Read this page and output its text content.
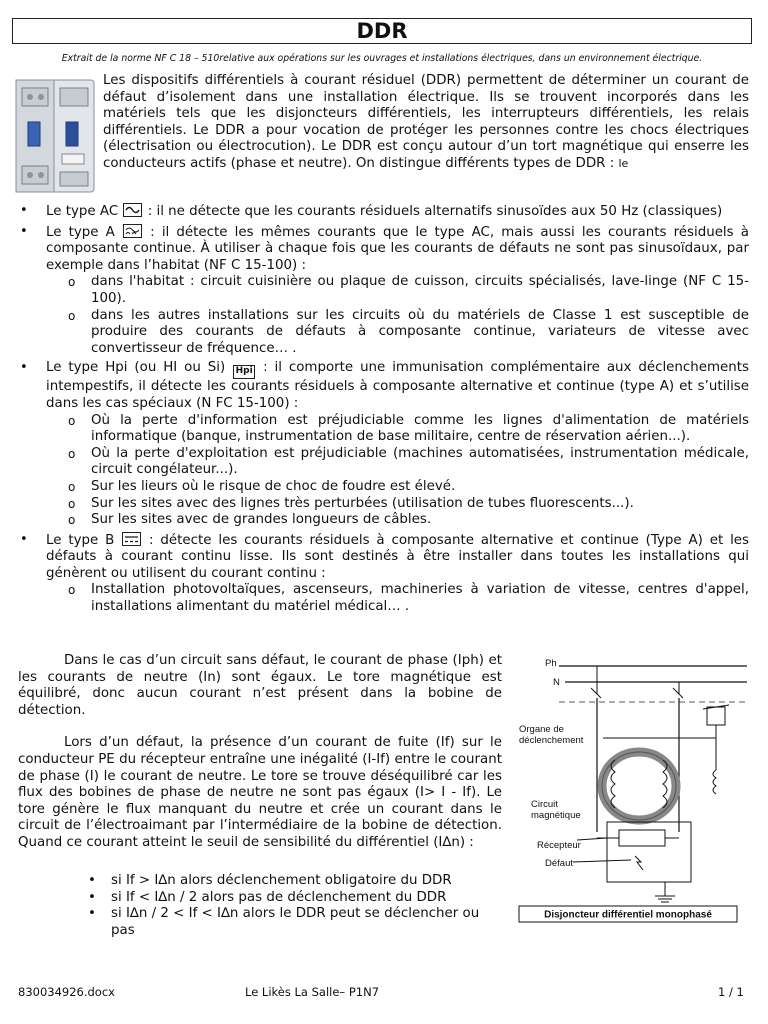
DDR
Extrait de la norme NF C 18 – 510relative aux opérations sur les ouvrages et installations électriques, dans un environnement électrique.

Les dispositifs différentiels à courant résiduel (DDR) permettent de déterminer un courant de défaut d’isolement dans une installation électrique. Ils se trouvent incorporés dans les matériels tels que les disjoncteurs différentiels, les interrupteurs différentiels, les relais différentiels. Le DDR a pour vocation de protéger les personnes contre les chocs électriques (électrisation ou électrocution). Le DDR est conçu autour d’un tort magnétique qui enserre les conducteurs actifs (phase et neutre). On distingue différents types de DDR : le

• Le type AC : il ne détecte que les courants résiduels alternatifs sinusoïdes aux 50 Hz (classiques)
• Le type A	: il détecte les mêmes courants que le type AC, mais aussi les courants résiduels à composante continue. À utiliser à chaque fois que les courants de défauts ne sont pas sinusoïdaux, par exemple dans l’habitat (NF C 15-100) :
o dans l'habitat : circuit cuisinière ou plaque de cuisson, circuits spécialisés, lave-linge (NF C 15-100).
o dans les autres installations sur les circuits où du matériels de Classe 1 est susceptible de produire des courants de défauts à composante continue, variateurs de vitesse avec convertisseur de fréquence… .
• Le type Hpi (ou HI ou Si) Hpi : il comporte une immunisation complémentaire aux déclenchements intempestifs, il détecte les courants résiduels à composante alternative et continue (type A) et s’utilise dans les cas spéciaux (N FC 15-100) :
o Où la perte d'information est préjudiciable comme les lignes d'alimentation de matériels informatique (banque, instrumentation de base militaire, centre de réservation aérien...).
o Où la perte d'exploitation est préjudiciable (machines automatisées, instrumentation médicale, circuit congélateur...).
o Sur les lieurs où le risque de choc de foudre est élevé.
o Sur les sites avec des lignes très perturbées (utilisation de tubes fluorescents...).
o Sur les sites avec de grandes longueurs de câbles.
• Le type B	: détecte les courants résiduels à composante alternative et continue (Type A) et les défauts à courant continu lisse. Ils sont destinés à être installer dans toutes les installations qui génèrent ou utilisent du courant continu :
o Installation photovoltaïques, ascenseurs, machineries à variation de vitesse, centres d'appel, installations alimentant du matériel médical… .

Dans le cas d’un circuit sans défaut, le courant de phase (Iph) et les courants de neutre (In) sont égaux. Le tore magnétique est équilibré, donc aucun courant n’est présent dans la bobine de détection.

Lors d’un défaut, la présence d’un courant de fuite (If) sur le conducteur PE du récepteur entraîne une inégalité (I-If) entre le courant de phase (I) le courant de neutre. Le tore se trouve déséquilibré car les flux des bobines de phase de neutre ne sont pas égaux (I> I - If). Le tore génère le flux manquant du neutre et crée un courant dans le circuit de l’électroaimant par l’intermédiaire de la bobine de détection. Quand ce courant atteint le seuil de sensibilité du différentiel (I∆n) :

• si If > I∆n alors déclenchement obligatoire du DDR
• si If < I∆n / 2 alors pas de déclenchement du DDR
• si I∆n / 2 < If < I∆n alors le DDR peut se déclencher ou pas
Ph
N
Organe de
déclenchement
Circuit
magnétique
Récepteur
Défaut
Disjoncteur différentiel monophasé
830034926.docx	Le Likès La Salle– P1N7	1 / 1
